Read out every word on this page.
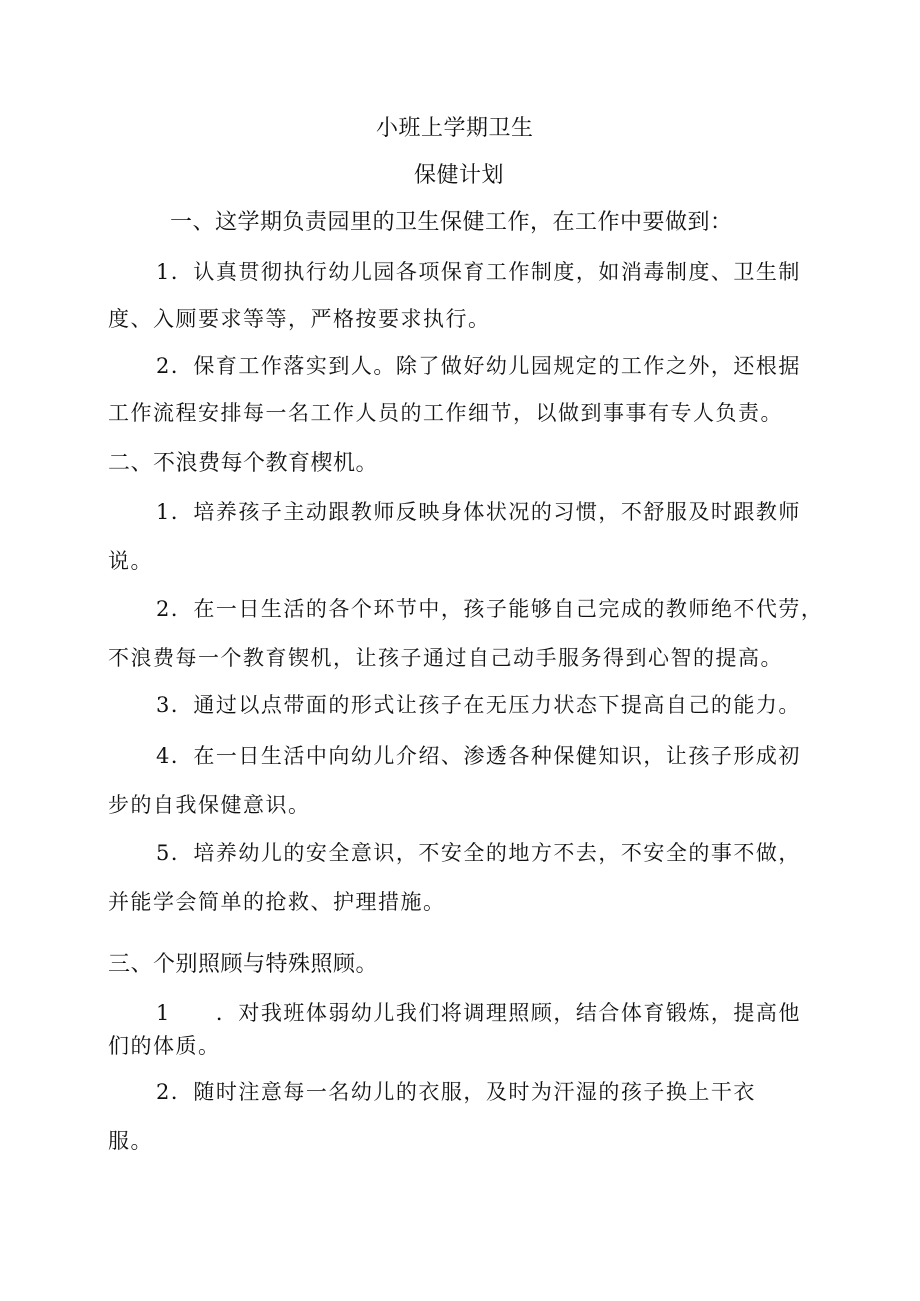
小班上学期卫生
保健计划
一、这学期负责园里的卫生保健工作，在工作中要做到：
1．认真贯彻执行幼儿园各项保育工作制度，如消毒制度、卫生制
度、入厕要求等等，严格按要求执行。
2．保育工作落实到人。除了做好幼儿园规定的工作之外，还根据
工作流程安排每一名工作人员的工作细节，以做到事事有专人负责。
二、不浪费每个教育楔机。
1．培养孩子主动跟教师反映身体状况的习惯，不舒服及时跟教师
说。
2．在一日生活的各个环节中，孩子能够自己完成的教师绝不代劳，
不浪费每一个教育锲机，让孩子通过自己动手服务得到心智的提高。
3．通过以点带面的形式让孩子在无压力状态下提高自己的能力。
4．在一日生活中向幼儿介绍、渗透各种保健知识，让孩子形成初
步的自我保健意识。
5．培养幼儿的安全意识，不安全的地方不去，不安全的事不做，
并能学会简单的抢救、护理措施。
三、个别照顾与特殊照顾。
1　　．对我班体弱幼儿我们将调理照顾，结合体育锻炼，提高他
们的体质。
2．随时注意每一名幼儿的衣服，及时为汗湿的孩子换上干衣
服。
